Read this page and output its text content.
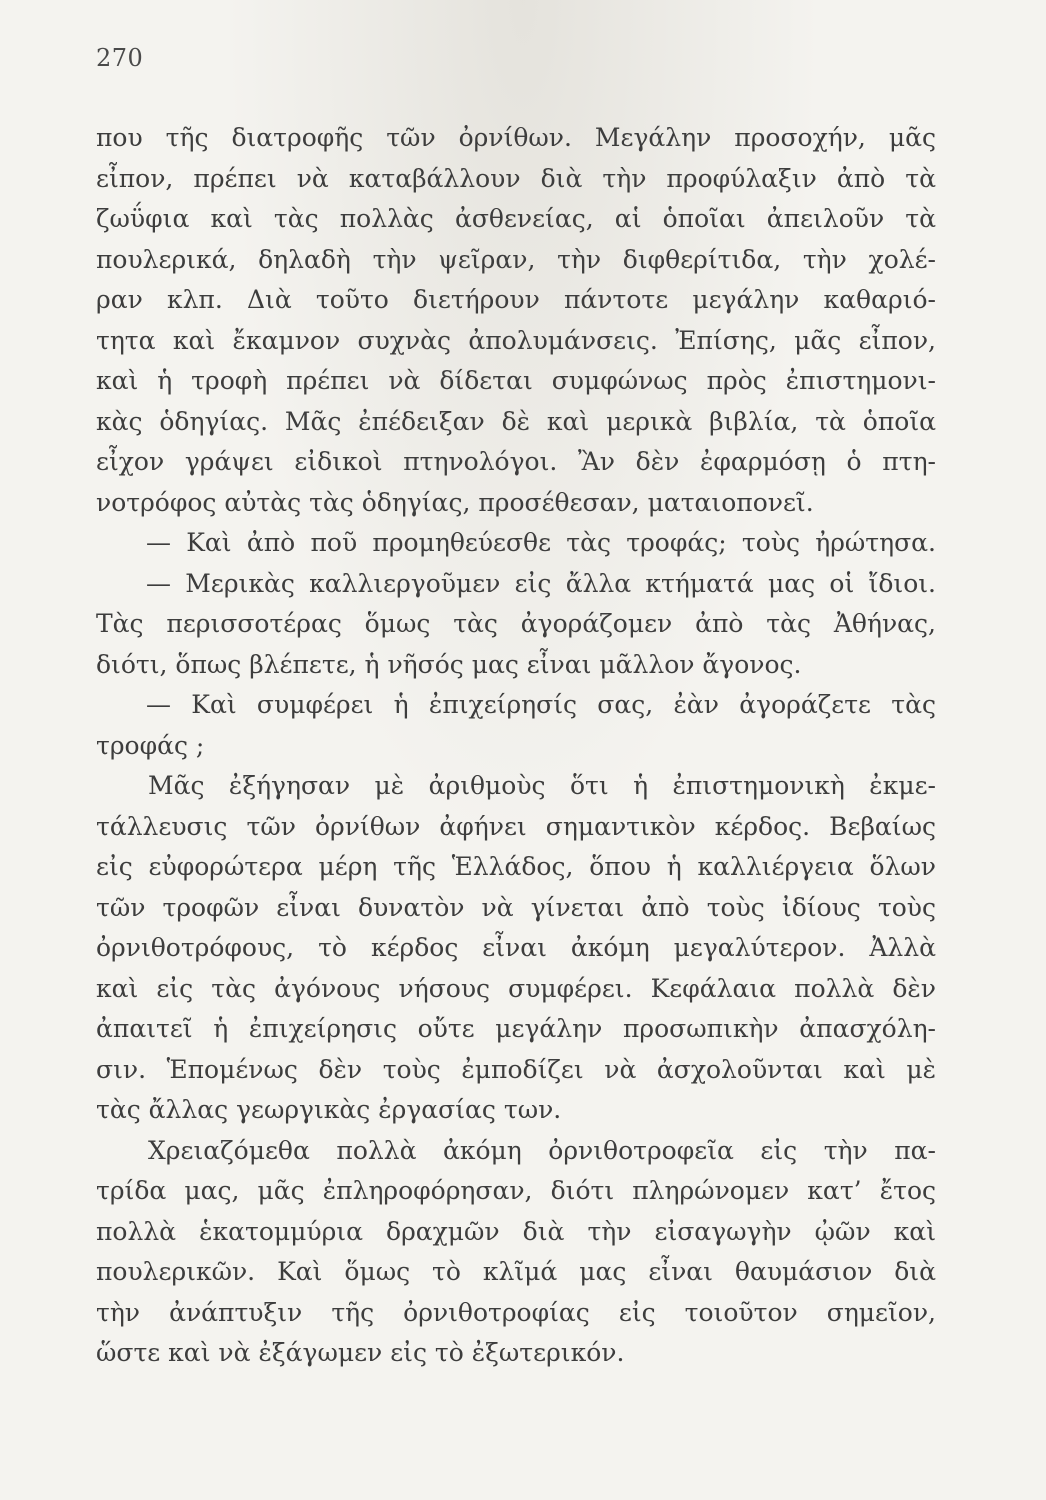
270
που τῆς διατροφῆς τῶν ὀρνίθων. Μεγάλην προσοχήν, μᾶς
εἶπον, πρέπει νὰ καταβάλλουν διὰ τὴν προφύλαξιν ἀπὸ τὰ
ζωΰφια καὶ τὰς πολλὰς ἀσθενείας, αἱ ὁποῖαι ἀπειλοῦν τὰ
πουλερικά, δηλαδὴ τὴν ψεῖραν, τὴν διφθερίτιδα, τὴν χολέ-
ραν κλπ. Διὰ τοῦτο διετήρουν πάντοτε μεγάλην καθαριό-
τητα καὶ ἔκαμνον συχνὰς ἀπολυμάνσεις. Ἐπίσης, μᾶς εἶπον,
καὶ ἡ τροφὴ πρέπει νὰ δίδεται συμφώνως πρὸς ἐπιστημονι-
κὰς ὁδηγίας. Μᾶς ἐπέδειξαν δὲ καὶ μερικὰ βιβλία, τὰ ὁποῖα
εἶχον γράψει εἰδικοὶ πτηνολόγοι. Ἂν δὲν ἐφαρμόσῃ ὁ πτη-
νοτρόφος αὐτὰς τὰς ὁδηγίας, προσέθεσαν, ματαιοπονεῖ.
— Καὶ ἀπὸ ποῦ προμηθεύεσθε τὰς τροφάς; τοὺς ἠρώτησα.
— Μερικὰς καλλιεργοῦμεν εἰς ἄλλα κτήματά μας οἱ ἴδιοι.
Τὰς περισσοτέρας ὅμως τὰς ἀγοράζομεν ἀπὸ τὰς Ἀθήνας,
διότι, ὅπως βλέπετε, ἡ νῆσός μας εἶναι μᾶλλον ἄγονος.
— Καὶ συμφέρει ἡ ἐπιχείρησίς σας, ἐὰν ἀγοράζετε τὰς
τροφάς ;
Μᾶς ἐξήγησαν μὲ ἀριθμοὺς ὅτι ἡ ἐπιστημονικὴ ἐκμε-
τάλλευσις τῶν ὀρνίθων ἀφήνει σημαντικὸν κέρδος. Βεβαίως
εἰς εὐφορώτερα μέρη τῆς Ἑλλάδος, ὅπου ἡ καλλιέργεια ὅλων
τῶν τροφῶν εἶναι δυνατὸν νὰ γίνεται ἀπὸ τοὺς ἰδίους τοὺς
ὀρνιθοτρόφους, τὸ κέρδος εἶναι ἀκόμη μεγαλύτερον. Ἀλλὰ
καὶ εἰς τὰς ἀγόνους νήσους συμφέρει. Κεφάλαια πολλὰ δὲν
ἀπαιτεῖ ἡ ἐπιχείρησις οὔτε μεγάλην προσωπικὴν ἀπασχόλη-
σιν. Ἑπομένως δὲν τοὺς ἐμποδίζει νὰ ἀσχολοῦνται καὶ μὲ
τὰς ἄλλας γεωργικὰς ἐργασίας των.
Χρειαζόμεθα πολλὰ ἀκόμη ὀρνιθοτροφεῖα εἰς τὴν πα-
τρίδα μας, μᾶς ἐπληροφόρησαν, διότι πληρώνομεν κατ’ ἔτος
πολλὰ ἑκατομμύρια δραχμῶν διὰ τὴν εἰσαγωγὴν ᾠῶν καὶ
πουλερικῶν. Καὶ ὅμως τὸ κλῖμά μας εἶναι θαυμάσιον διὰ
τὴν ἀνάπτυξιν τῆς ὀρνιθοτροφίας εἰς τοιοῦτον σημεῖον,
ὥστε καὶ νὰ ἐξάγωμεν εἰς τὸ ἐξωτερικόν.
